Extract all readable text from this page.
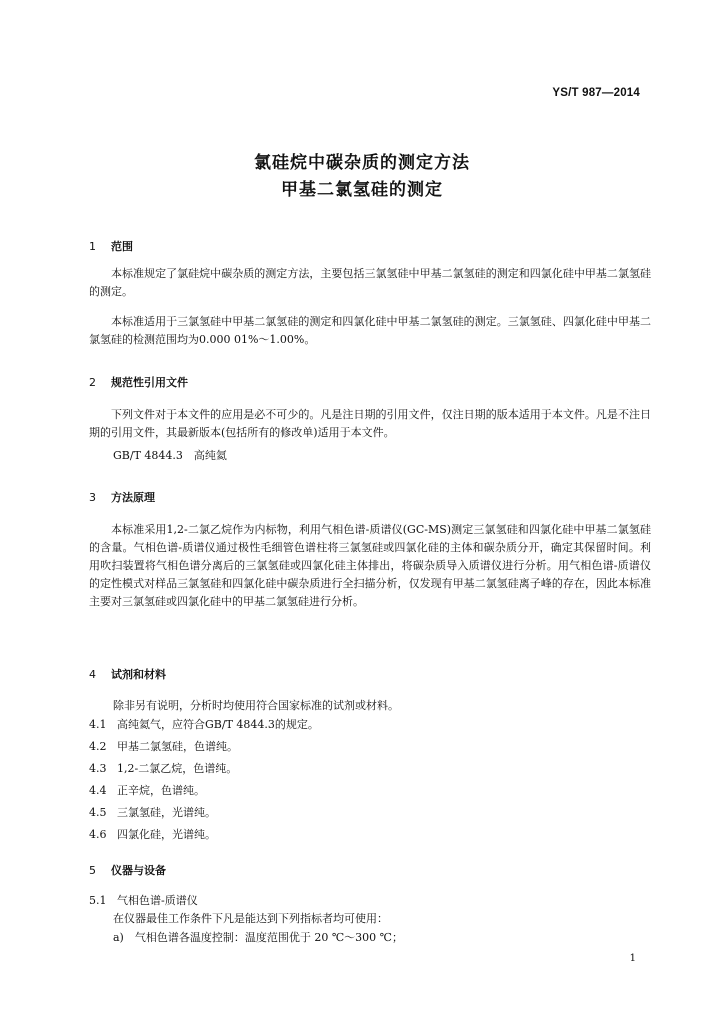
YS/T 987—2014
氯硅烷中碳杂质的测定方法
甲基二氯氢硅的测定
1 范围

本标准规定了氯硅烷中碳杂质的测定方法，主要包括三氯氢硅中甲基二氯氢硅的测定和四氯化硅中甲基二氯氢硅的测定。

本标准适用于三氯氢硅中甲基二氯氢硅的测定和四氯化硅中甲基二氯氢硅的测定。三氯氢硅、四氯化硅中甲基二氯氢硅的检测范围均为0.000 01%～1.00%。

2 规范性引用文件

下列文件对于本文件的应用是必不可少的。凡是注日期的引用文件，仅注日期的版本适用于本文件。凡是不注日期的引用文件，其最新版本(包括所有的修改单)适用于本文件。

GB/T 4844.3　高纯氦
3 方法原理

本标准采用1,2-二氯乙烷作为内标物，利用气相色谱-质谱仪(GC-MS)测定三氯氢硅和四氯化硅中甲基二氯氢硅的含量。气相色谱-质谱仪通过极性毛细管色谱柱将三氯氢硅或四氯化硅的主体和碳杂质分开，确定其保留时间。利用吹扫装置将气相色谱分离后的三氯氢硅或四氯化硅主体排出，将碳杂质导入质谱仪进行分析。用气相色谱-质谱仪的定性模式对样品三氯氢硅和四氯化硅中碳杂质进行全扫描分析，仅发现有甲基二氯氢硅离子峰的存在，因此本标准主要对三氯氢硅或四氯化硅中的甲基二氯氢硅进行分析。

4 试剂和材料
除非另有说明，分析时均使用符合国家标准的试剂或材料。
4.1 高纯氦气，应符合GB/T 4844.3的规定。
4.2 甲基二氯氢硅，色谱纯。
4.3 1,2-二氯乙烷，色谱纯。
4.4 正辛烷，色谱纯。
4.5 三氯氢硅，光谱纯。
4.6 四氯化硅，光谱纯。
5 仪器与设备
5.1 气相色谱-质谱仪
在仪器最佳工作条件下凡是能达到下列指标者均可使用：
a)　气相色谱各温度控制：温度范围优于 20 ℃～300 ℃；
1
